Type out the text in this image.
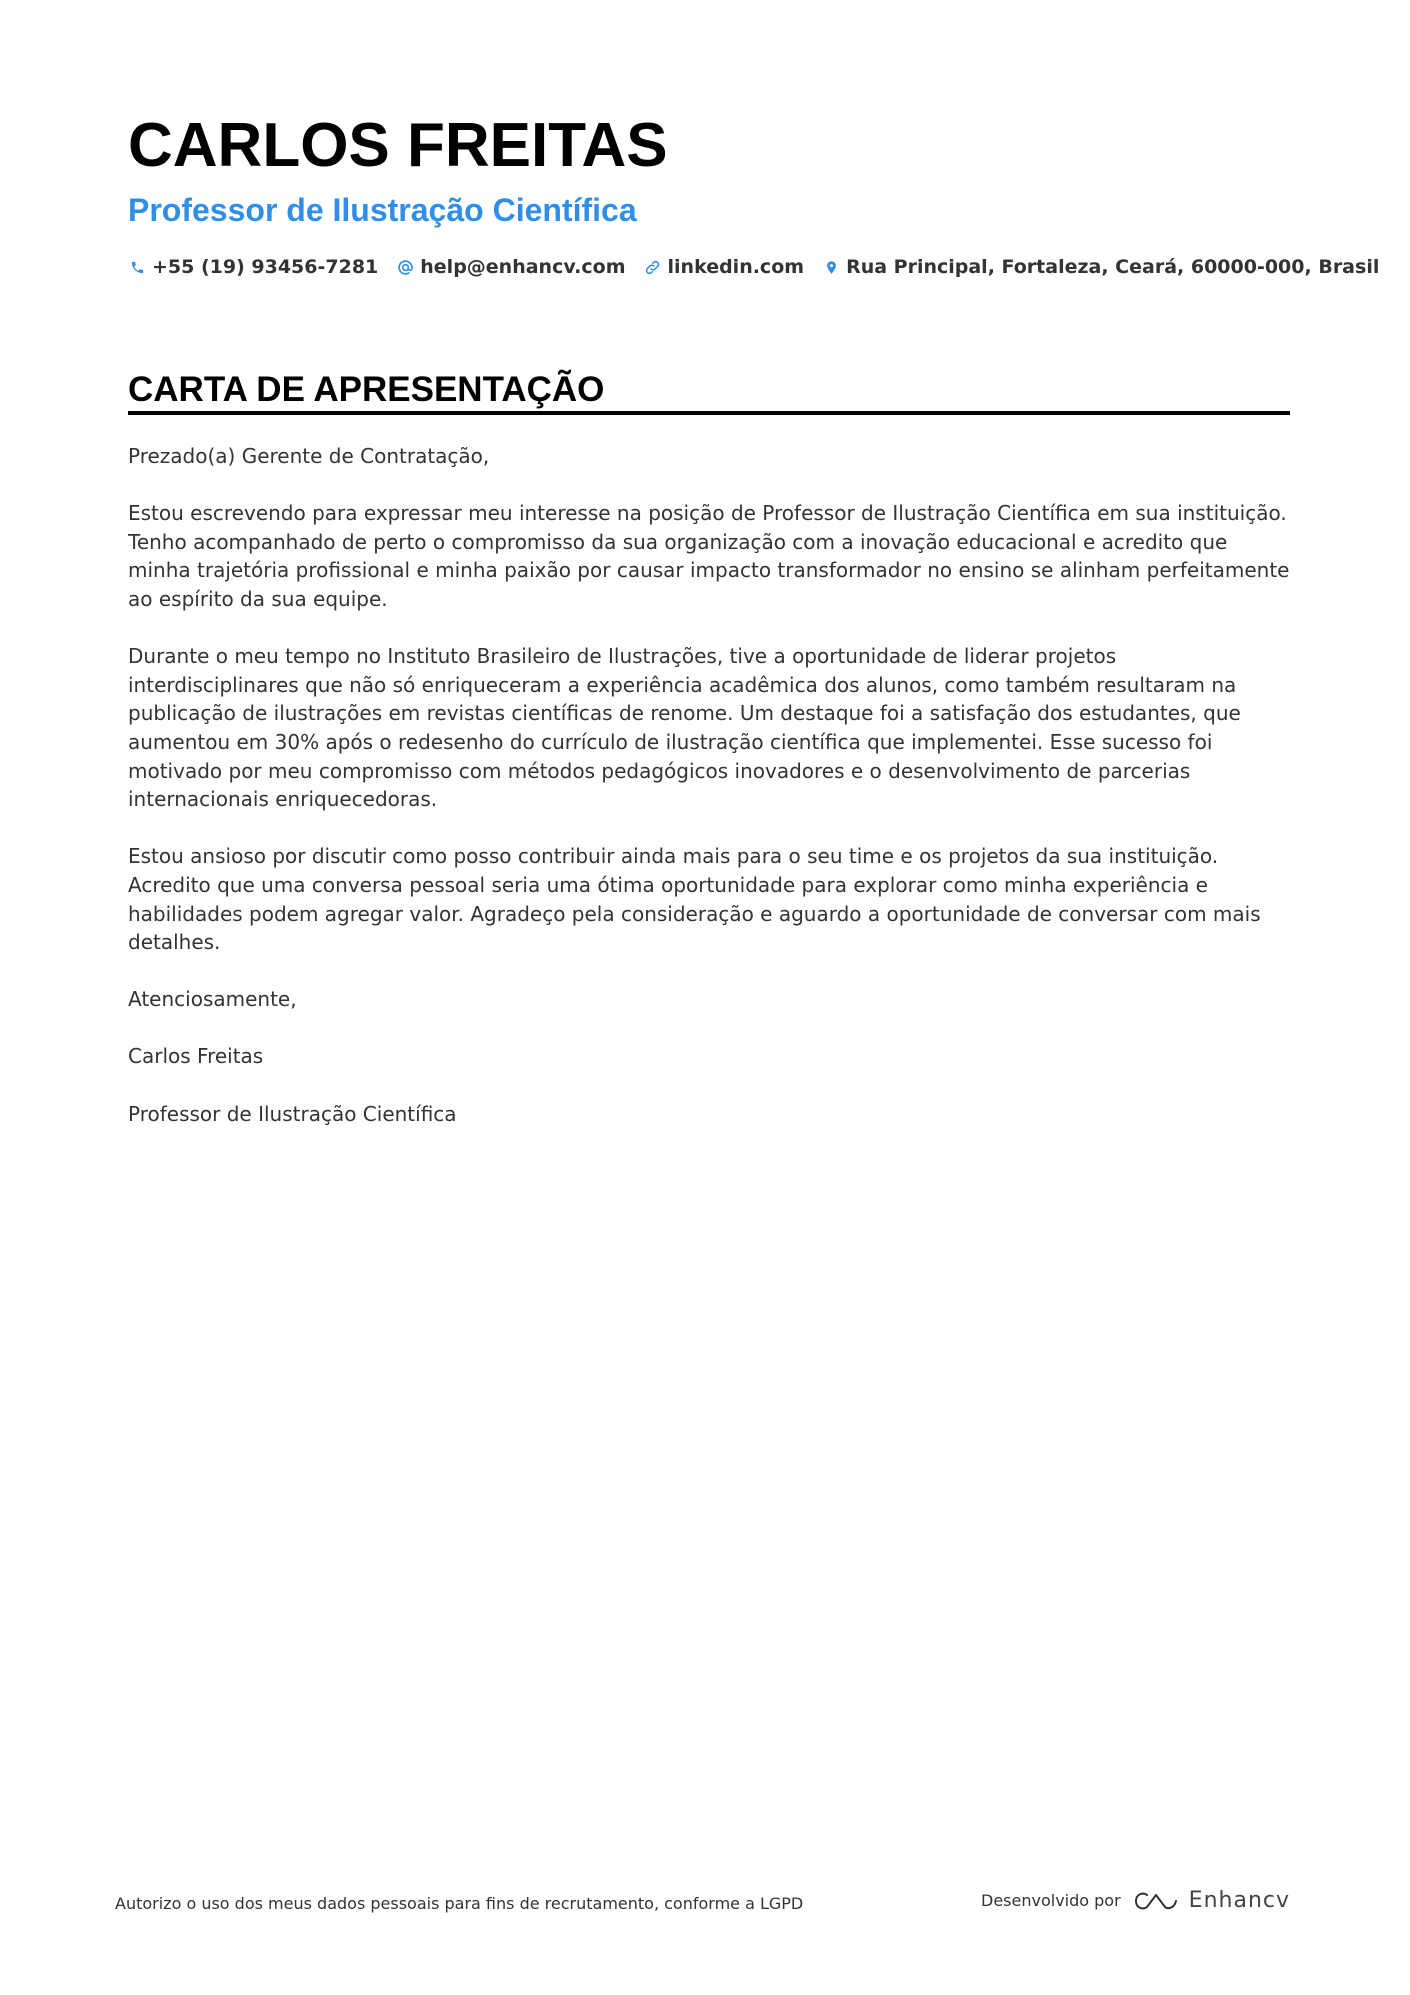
CARLOS FREITAS
Professor de Ilustração Científica
+55 (19) 93456-7281 help@enhancv.com linkedin.com Rua Principal, Fortaleza, Ceará, 60000-000, Brasil
CARTA DE APRESENTAÇÃO

Prezado(a) Gerente de Contratação,

Estou escrevendo para expressar meu interesse na posição de Professor de Ilustração Científica em sua instituição. Tenho acompanhado de perto o compromisso da sua organização com a inovação educacional e acredito que minha trajetória profissional e minha paixão por causar impacto transformador no ensino se alinham perfeitamente ao espírito da sua equipe.

Durante o meu tempo no Instituto Brasileiro de Ilustrações, tive a oportunidade de liderar projetos interdisciplinares que não só enriqueceram a experiência acadêmica dos alunos, como também resultaram na publicação de ilustrações em revistas científicas de renome. Um destaque foi a satisfação dos estudantes, que aumentou em 30% após o redesenho do currículo de ilustração científica que implementei. Esse sucesso foi motivado por meu compromisso com métodos pedagógicos inovadores e o desenvolvimento de parcerias internacionais enriquecedoras.

Estou ansioso por discutir como posso contribuir ainda mais para o seu time e os projetos da sua instituição. Acredito que uma conversa pessoal seria uma ótima oportunidade para explorar como minha experiência e habilidades podem agregar valor. Agradeço pela consideração e aguardo a oportunidade de conversar com mais detalhes.

Atenciosamente,

Carlos Freitas

Professor de Ilustração Científica

Autorizo o uso dos meus dados pessoais para fins de recrutamento, conforme a LGPD	Desenvolvido por	Enhancv
